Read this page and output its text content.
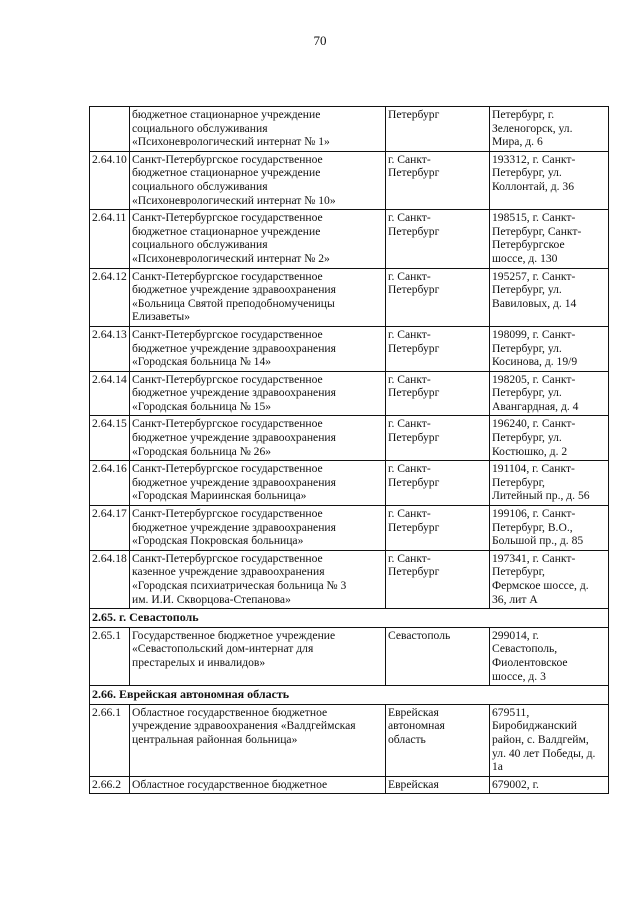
70

	бюджетное стационарное учреждение
социального обслуживания
«Психоневрологический интернат № 1»	Петербург	Петербург, г.
Зеленогорск, ул.
Мира, д. 6

2.64.10	Санкт-Петербургское государственное
бюджетное стационарное учреждение
социального обслуживания
«Психоневрологический интернат № 10»	г. Санкт-
Петербург	193312, г. Санкт-
Петербург, ул.
Коллонтай, д. 36

2.64.11	Санкт-Петербургское государственное
бюджетное стационарное учреждение
социального обслуживания
«Психоневрологический интернат № 2»	г. Санкт-
Петербург	198515, г. Санкт-
Петербург, Санкт-
Петербургское
шоссе, д. 130

2.64.12	Санкт-Петербургское государственное
бюджетное учреждение здравоохранения
«Больница Святой преподобномученицы
Елизаветы»	г. Санкт-
Петербург	195257, г. Санкт-
Петербург, ул.
Вавиловых, д. 14

2.64.13	Санкт-Петербургское государственное
бюджетное учреждение здравоохранения
«Городская больница № 14»	г. Санкт-
Петербург	198099, г. Санкт-
Петербург, ул.
Косинова, д. 19/9

2.64.14	Санкт-Петербургское государственное
бюджетное учреждение здравоохранения
«Городская больница № 15»	г. Санкт-
Петербург	198205, г. Санкт-
Петербург, ул.
Авангардная, д. 4

2.64.15	Санкт-Петербургское государственное
бюджетное учреждение здравоохранения
«Городская больница № 26»	г. Санкт-
Петербург	196240, г. Санкт-
Петербург, ул.
Костюшко, д. 2

2.64.16	Санкт-Петербургское государственное
бюджетное учреждение здравоохранения
«Городская Мариинская больница»	г. Санкт-
Петербург	191104, г. Санкт-
Петербург,
Литейный пр., д. 56

2.64.17	Санкт-Петербургское государственное
бюджетное учреждение здравоохранения
«Городская Покровская больница»	г. Санкт-
Петербург	199106, г. Санкт-
Петербург, В.О.,
Большой пр., д. 85

2.64.18	Санкт-Петербургское государственное
казенное учреждение здравоохранения
«Городская психиатрическая больница № 3
им. И.И. Скворцова-Степанова»	г. Санкт-
Петербург	197341, г. Санкт-
Петербург,
Фермское шоссе, д.
36, лит А

2.65. г. Севастополь			
2.65.1	Государственное бюджетное учреждение
«Севастопольский дом-интернат для
престарелых и инвалидов»	Севастополь	299014, г.
Севастополь,
Фиолентовское
шоссе, д. 3

2.66. Еврейская автономная область			
2.66.1	Областное государственное бюджетное
учреждение здравоохранения «Валдгеймская
центральная районная больница»	Еврейская
автономная
область	679511,
Биробиджанский
район, с. Валдгейм,
ул. 40 лет Победы, д.
1а

2.66.2	Областное государственное бюджетное	Еврейская	679002, г.
